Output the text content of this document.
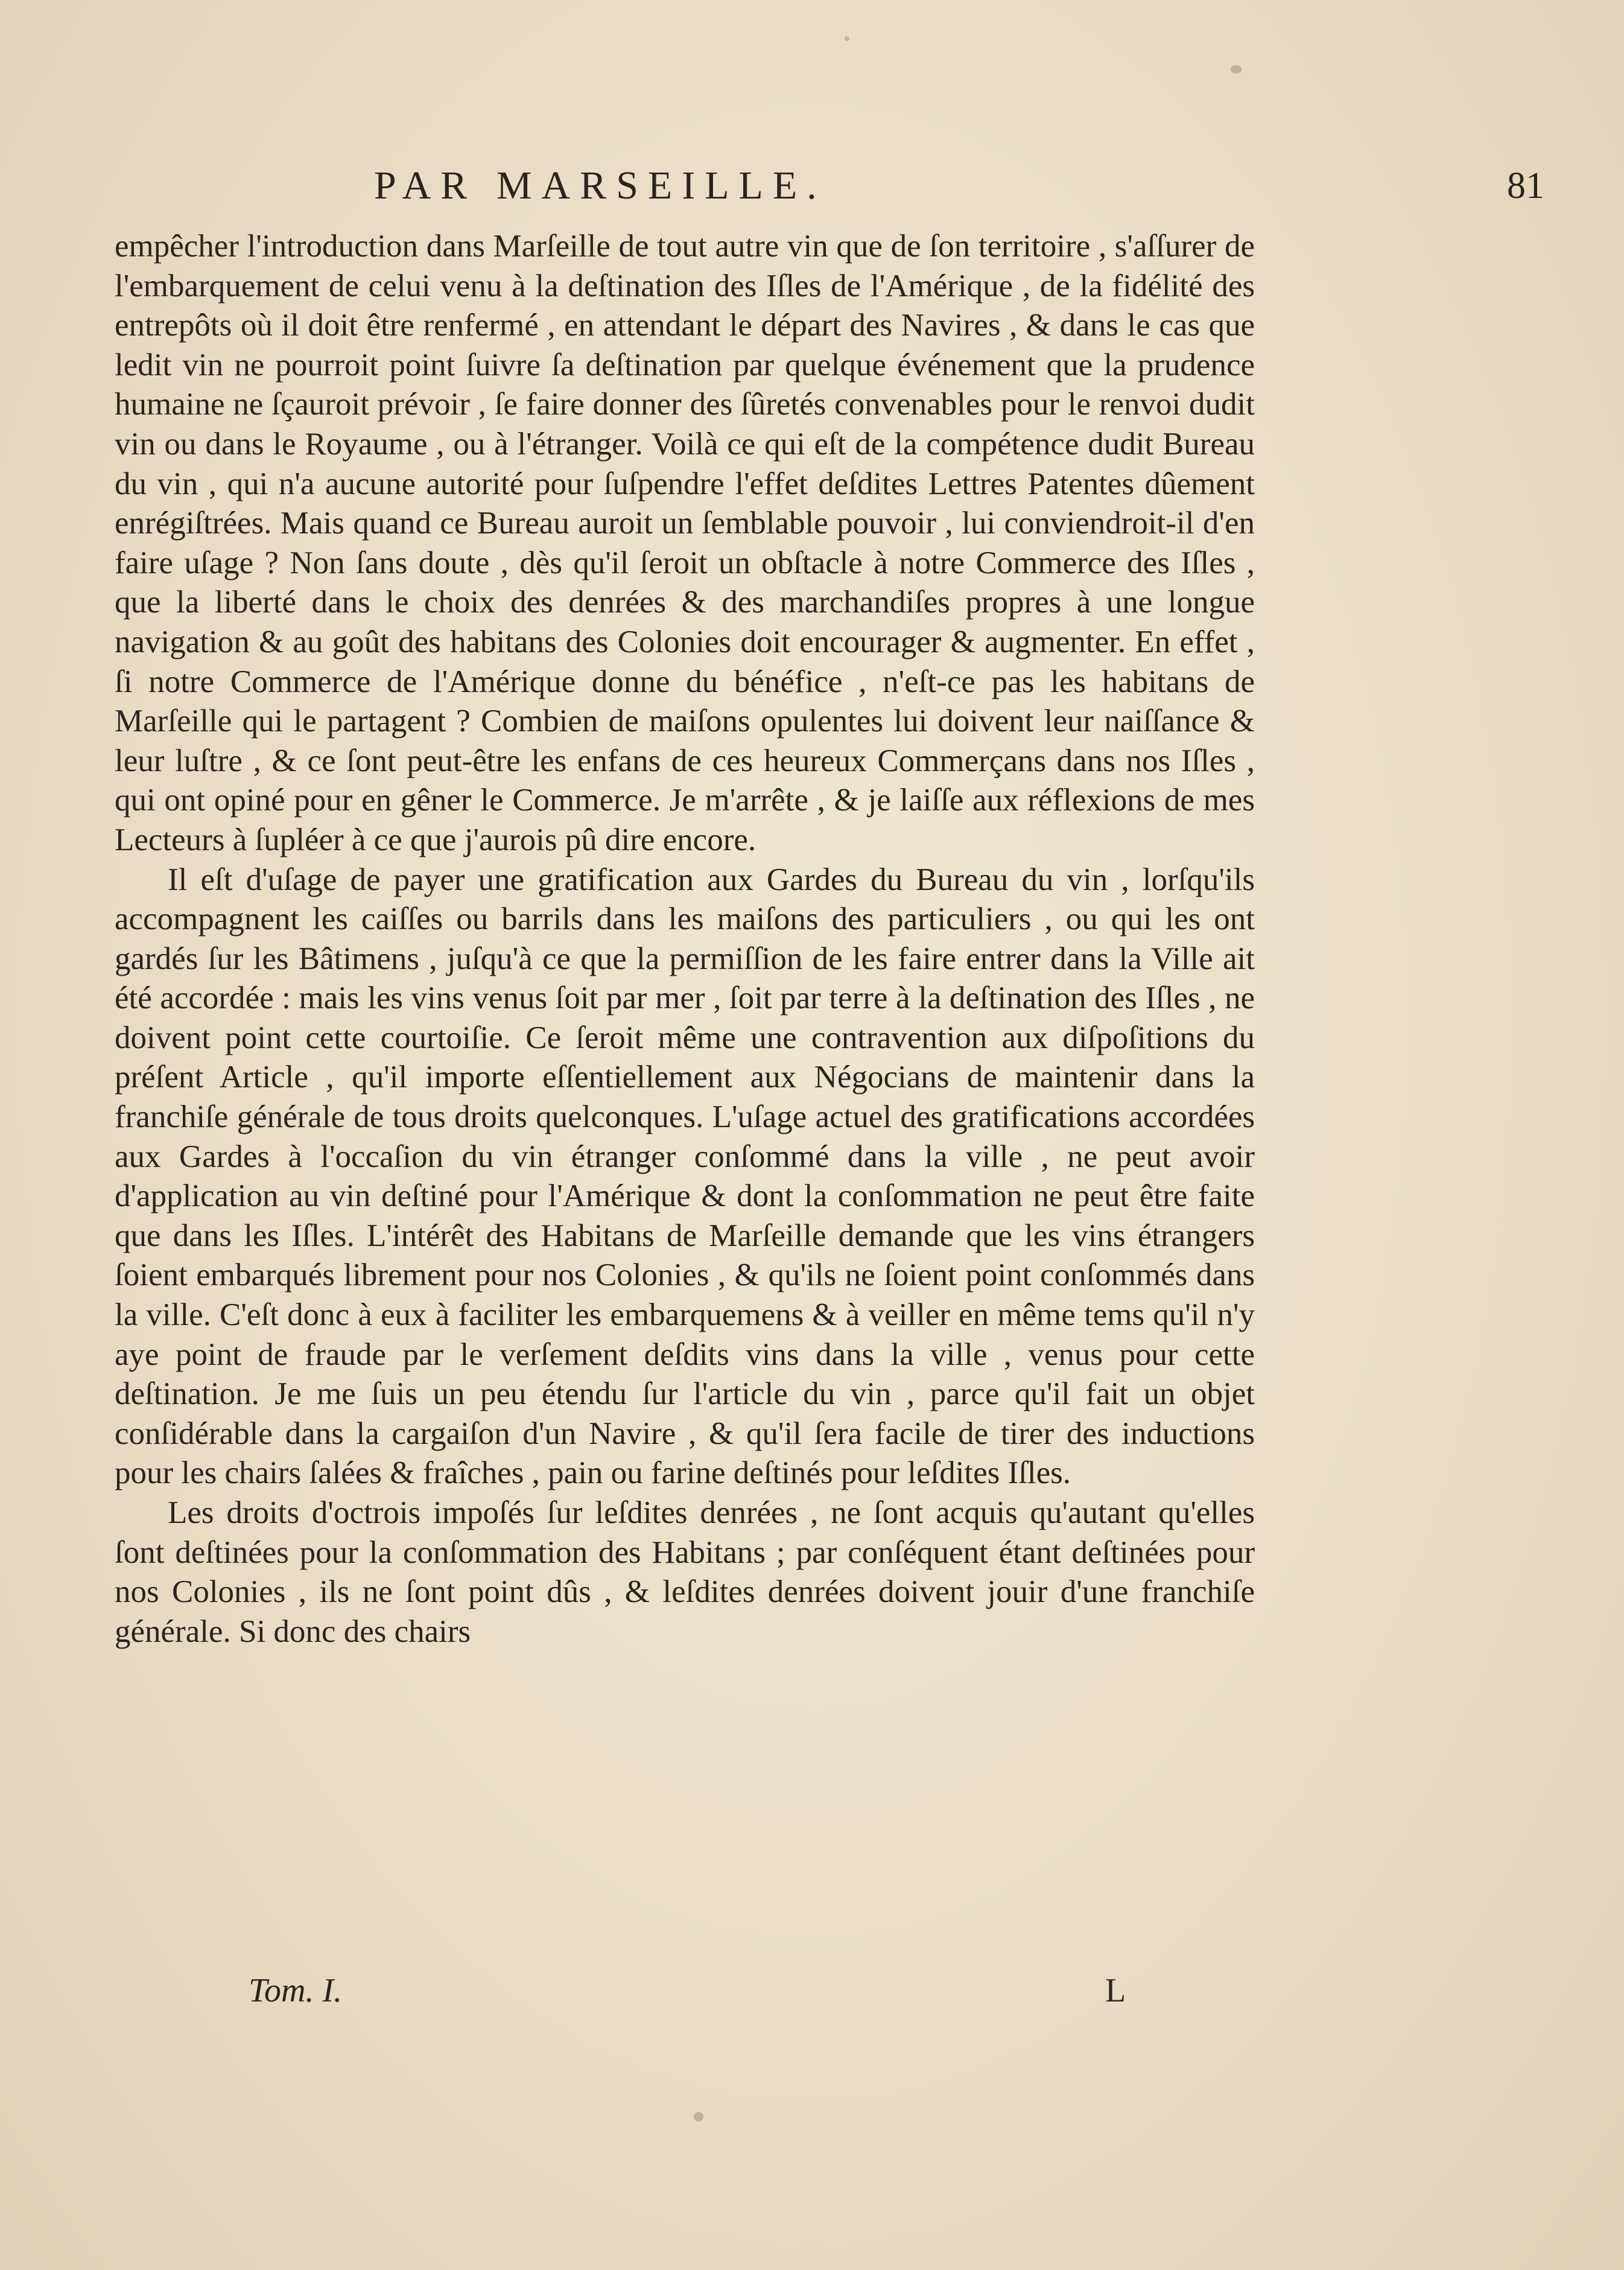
PAR MARSEILLE.	81

empêcher l'introduction dans Marſeille de tout autre vin que de ſon territoire , s'aſſurer de l'embarquement de celui venu à la deſtination des Iſles de l'Amérique , de la fidélité des entrepôts où il doit être renfermé , en attendant le départ des Navires , & dans le cas que ledit vin ne pourroit point ſuivre ſa deſtination par quelque événement que la prudence humaine ne ſçauroit prévoir , ſe faire donner des ſûretés convenables pour le renvoi dudit vin ou dans le Royaume , ou à l'étranger. Voilà ce qui eſt de la compétence dudit Bureau du vin , qui n'a aucune autorité pour ſuſpendre l'effet deſdites Lettres Patentes dûement enrégiſtrées. Mais quand ce Bureau auroit un ſemblable pouvoir , lui conviendroit-il d'en faire uſage ? Non ſans doute , dès qu'il ſeroit un obſtacle à notre Commerce des Iſles , que la liberté dans le choix des denrées & des marchandiſes propres à une longue navigation & au goût des habitans des Colonies doit encourager & augmenter. En effet , ſi notre Commerce de l'Amérique donne du bénéfice , n'eſt-ce pas les habitans de Marſeille qui le partagent ? Combien de maiſons opulentes lui doivent leur naiſſance & leur luſtre , & ce ſont peut-être les enfans de ces heureux Commerçans dans nos Iſles , qui ont opiné pour en gêner le Commerce. Je m'arrête , & je laiſſe aux réflexions de mes Lecteurs à ſupléer à ce que j'aurois pû dire encore.

Il eſt d'uſage de payer une gratification aux Gardes du Bureau du vin , lorſqu'ils accompagnent les caiſſes ou barrils dans les maiſons des particuliers , ou qui les ont gardés ſur les Bâtimens , juſqu'à ce que la permiſſion de les faire entrer dans la Ville ait été accordée : mais les vins venus ſoit par mer , ſoit par terre à la deſtination des Iſles , ne doivent point cette courtoiſie. Ce ſeroit même une contravention aux diſpoſitions du préſent Article , qu'il importe eſſentiellement aux Négocians de maintenir dans la franchiſe générale de tous droits quelconques. L'uſage actuel des gratifications accordées aux Gardes à l'occaſion du vin étranger conſommé dans la ville , ne peut avoir d'application au vin deſtiné pour l'Amérique & dont la conſommation ne peut être faite que dans les Iſles. L'intérêt des Habitans de Marſeille demande que les vins étrangers ſoient embarqués librement pour nos Colonies , & qu'ils ne ſoient point conſommés dans la ville. C'eſt donc à eux à faciliter les embarquemens & à veiller en même tems qu'il n'y aye point de fraude par le verſement deſdits vins dans la ville , venus pour cette deſtination. Je me ſuis un peu étendu ſur l'article du vin , parce qu'il fait un objet conſidérable dans la cargaiſon d'un Navire , & qu'il ſera facile de tirer des inductions pour les chairs ſalées & fraîches , pain ou farine deſtinés pour leſdites Iſles.

Les droits d'octrois impoſés ſur leſdites denrées , ne ſont acquis qu'autant qu'elles ſont deſtinées pour la conſommation des Habitans ; par conſéquent étant deſtinées pour nos Colonies , ils ne ſont point dûs , & leſdites denrées doivent jouir d'une franchiſe générale. Si donc des chairs

Tom. I.	L
